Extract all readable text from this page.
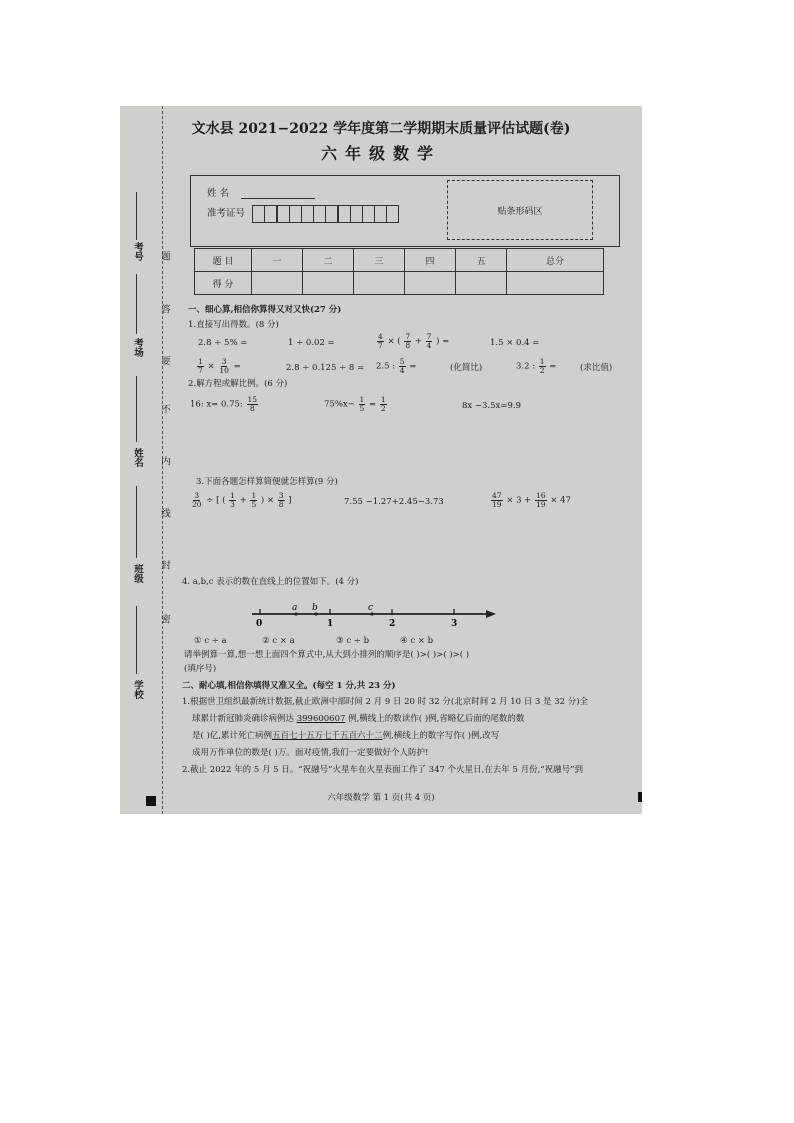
考号
考场
姓名
班级
学校
题
答
要
不
内
线
封
密
文水县 2021−2022 学年度第二学期期末质量评估试题(卷)
六年级数学
姓 名
准考证号	贴条形码区
题 目	一	二	三	四	五	总分
得 分						
一、细心算,相信你算得又对又快(27 分)
1.直接写出得数。(8 分)
2.8 ÷ 5% =	1 ÷ 0.02 =	$\frac{4}{7}$ × ( $\frac{7}{8} + \frac{7}{4}$ ) =	1.5 × 0.4 =
$\frac{1}{7} \times \frac{3}{10}$ =	2.8 ÷ 0.125 ÷ 8 = 2.5 : $\frac{5}{4}$ =	(化简比)	3.2 : $\frac{1}{2}$ =	(求比值)
2.解方程或解比例。(6 分)
16: x= 0.75: $\frac{15}{8}$	$75\%x- \frac{1}{5} = \frac{1}{2}$	8x −3.5x=9.9
3.下面各题怎样算简便就怎样算(9 分)
$\frac{3}{20}$ ÷ [ ( $\frac{1}{3} + \frac{1}{5}$ ) × $\frac{3}{8}$ ]	7.55 −1.27+2.45−3.73	$\frac{47}{19} \times 3 + \frac{16}{19} \times 47$
4. a,b,c 表示的数在直线上的位置如下。(4 分)
0	1	2	3
a b	c
① c ÷ a	② c × a	③ c ÷ b	④ c × b
请举例算一算,想一想上面四个算式中,从大到小排列的顺序是( )>( )>( )>( )
(填序号)
二、耐心填,相信你填得又准又全。(每空 1 分,共 23 分)
1.根据世卫组织最新统计数据,截止欧洲中部时间 2 月 9 日 20 时 32 分(北京时间 2 月 10 日 3 是 32 分)全
球累计新冠肺炎确诊病例达 399600607 例,横线上的数读作( )例,省略亿后面的尾数的数
是( )亿,累计死亡病例五百七十五万七千五百六十二例,横线上的数字写作( )例,改写
成用万作单位的数是( )万。面对疫情,我们一定要做好个人防护!
2.截止 2022 年的 5 月 5 日。“祝融号”火星车在火星表面工作了 347 个火星日,在去年 5 月份,“祝融号”到
六年级数学 第 1 页(共 4 页)
